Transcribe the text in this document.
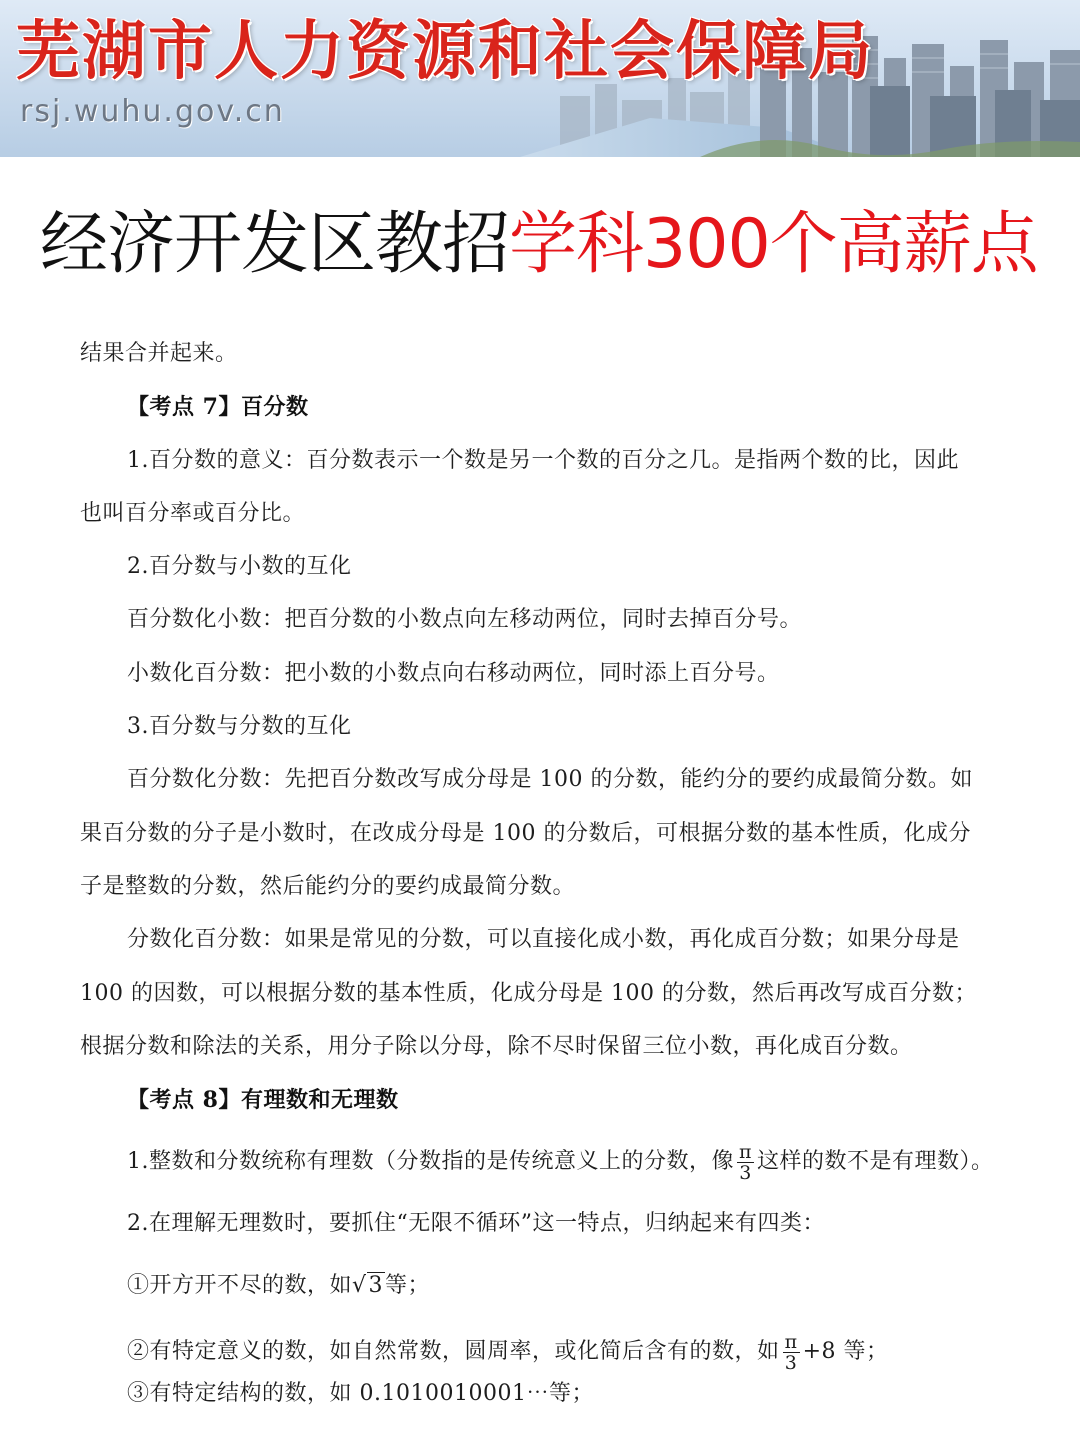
芜湖市人力资源和社会保障局
rsj.wuhu.gov.cn
经济开发区教招学科300个高薪点
结果合并起来。
【考点 7】百分数
1.百分数的意义：百分数表示一个数是另一个数的百分之几。是指两个数的比，因此
也叫百分率或百分比。
2.百分数与小数的互化
百分数化小数：把百分数的小数点向左移动两位，同时去掉百分号。
小数化百分数：把小数的小数点向右移动两位，同时添上百分号。
3.百分数与分数的互化
百分数化分数：先把百分数改写成分母是 100 的分数，能约分的要约成最简分数。如
果百分数的分子是小数时，在改成分母是 100 的分数后，可根据分数的基本性质，化成分
子是整数的分数，然后能约分的要约成最简分数。
分数化百分数：如果是常见的分数，可以直接化成小数，再化成百分数；如果分母是
100 的因数，可以根据分数的基本性质，化成分母是 100 的分数，然后再改写成百分数；
根据分数和除法的关系，用分子除以分母，除不尽时保留三位小数，再化成百分数。
【考点 8】有理数和无理数
1.整数和分数统称有理数（分数指的是传统意义上的分数，像 $\frac{\pi}{3}$ 这样的数不是有理数）。
2.在理解无理数时，要抓住“无限不循环”这一特点，归纳起来有四类：
①开方开不尽的数，如√3等；
②有特定意义的数，如自然常数，圆周率，或化简后含有的数，如 $\frac{\pi}{3} +8$ 等；
③有特定结构的数，如 0.1010010001⋯等；
